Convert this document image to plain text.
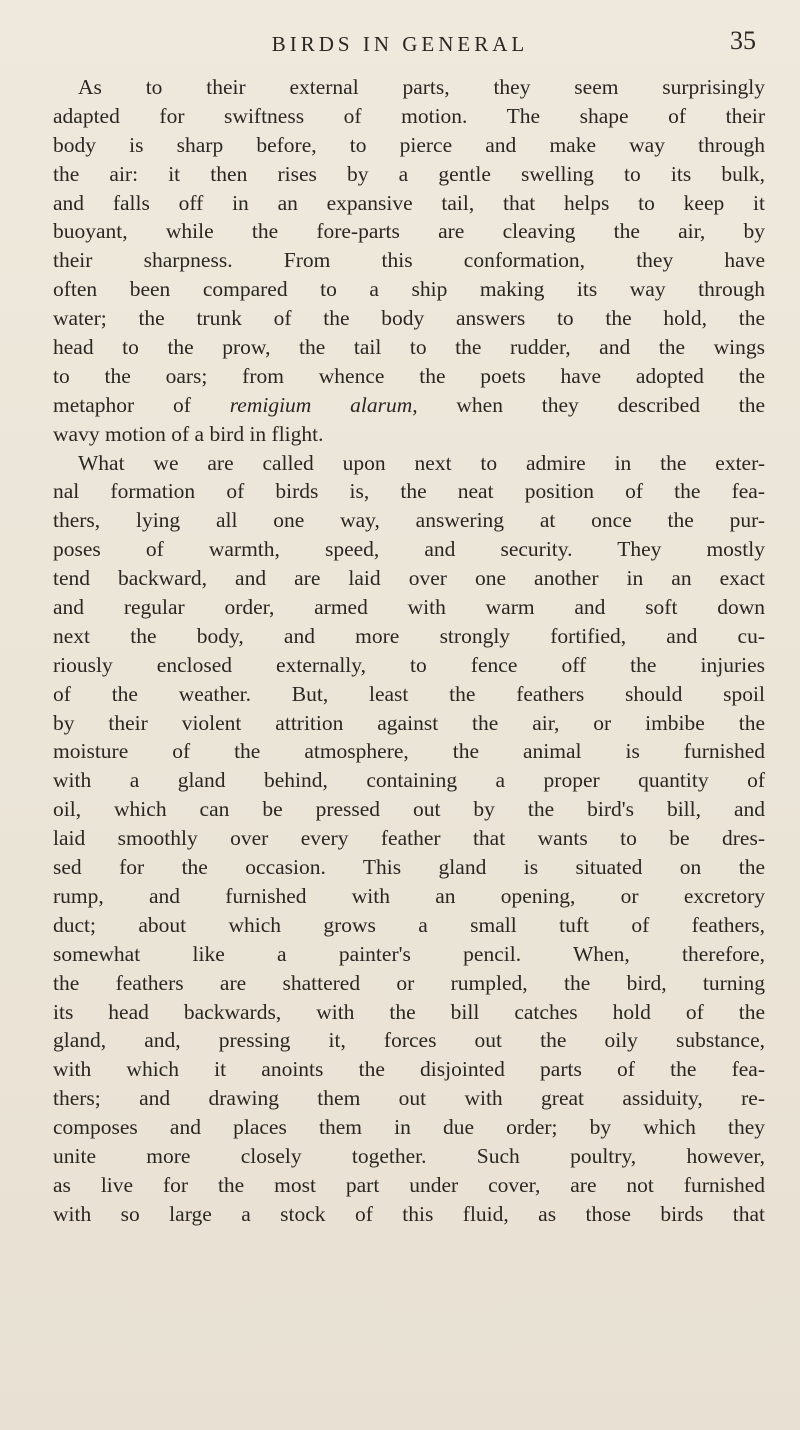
BIRDS IN GENERAL	35
As to their external parts, they seem surprisingly
adapted for swiftness of motion. The shape of their
body is sharp before, to pierce and make way through
the air: it then rises by a gentle swelling to its bulk,
and falls off in an expansive tail, that helps to keep it
buoyant, while the fore-parts are cleaving the air, by
their sharpness. From this conformation, they have
often been compared to a ship making its way through
water; the trunk of the body answers to the hold, the
head to the prow, the tail to the rudder, and the wings
to the oars; from whence the poets have adopted the
metaphor of remigium alarum, when they described the
wavy motion of a bird in flight.
What we are called upon next to admire in the exter-
nal formation of birds is, the neat position of the fea-
thers, lying all one way, answering at once the pur-
poses of warmth, speed, and security. They mostly
tend backward, and are laid over one another in an exact
and regular order, armed with warm and soft down
next the body, and more strongly fortified, and cu-
riously enclosed externally, to fence off the injuries
of the weather. But, least the feathers should spoil
by their violent attrition against the air, or imbibe the
moisture of the atmosphere, the animal is furnished
with a gland behind, containing a proper quantity of
oil, which can be pressed out by the bird's bill, and
laid smoothly over every feather that wants to be dres-
sed for the occasion. This gland is situated on the
rump, and furnished with an opening, or excretory
duct; about which grows a small tuft of feathers,
somewhat like a painter's pencil. When, therefore,
the feathers are shattered or rumpled, the bird, turning
its head backwards, with the bill catches hold of the
gland, and, pressing it, forces out the oily substance,
with which it anoints the disjointed parts of the fea-
thers; and drawing them out with great assiduity, re-
composes and places them in due order; by which they
unite more closely together. Such poultry, however,
as live for the most part under cover, are not furnished
with so large a stock of this fluid, as those birds that
